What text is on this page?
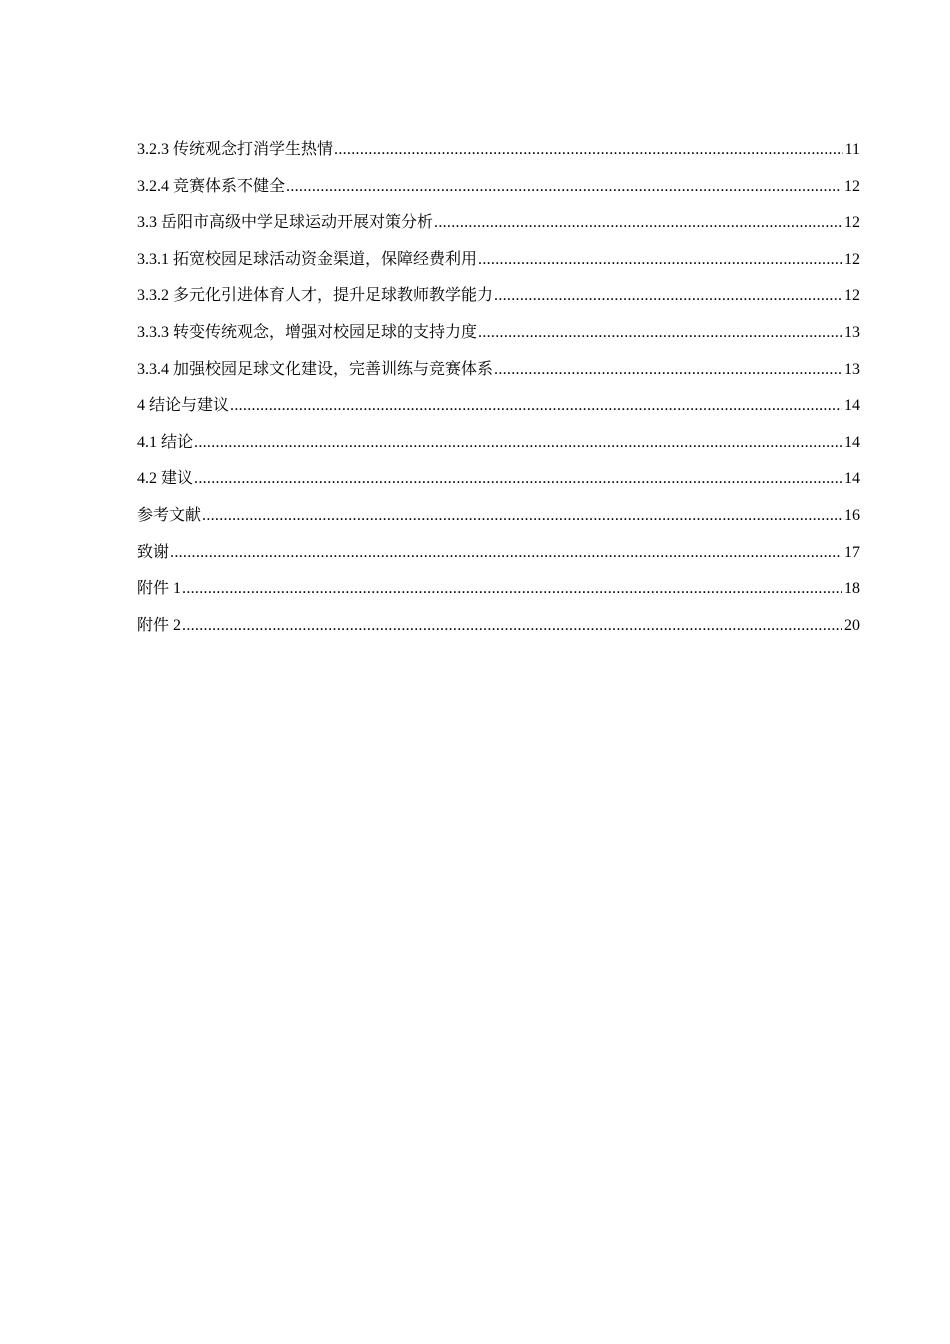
3.2.3 传统观念打消学生热情 .....	11
3.2.4 竞赛体系不健全 .....	12
3.3 岳阳市高级中学足球运动开展对策分析 .....	12
3.3.1 拓宽校园足球活动资金渠道，保障经费利用 .....	12
3.3.2 多元化引进体育人才，提升足球教师教学能力 .....	12
3.3.3 转变传统观念，增强对校园足球的支持力度 .....	13
3.3.4 加强校园足球文化建设，完善训练与竞赛体系 .....	13
4 结论与建议 .....	14
4.1 结论 .....	14
4.2 建议 .....	14
参考文献 .....	16
致谢 .....	17
附件 1 .....	18
附件 2 .....	20
